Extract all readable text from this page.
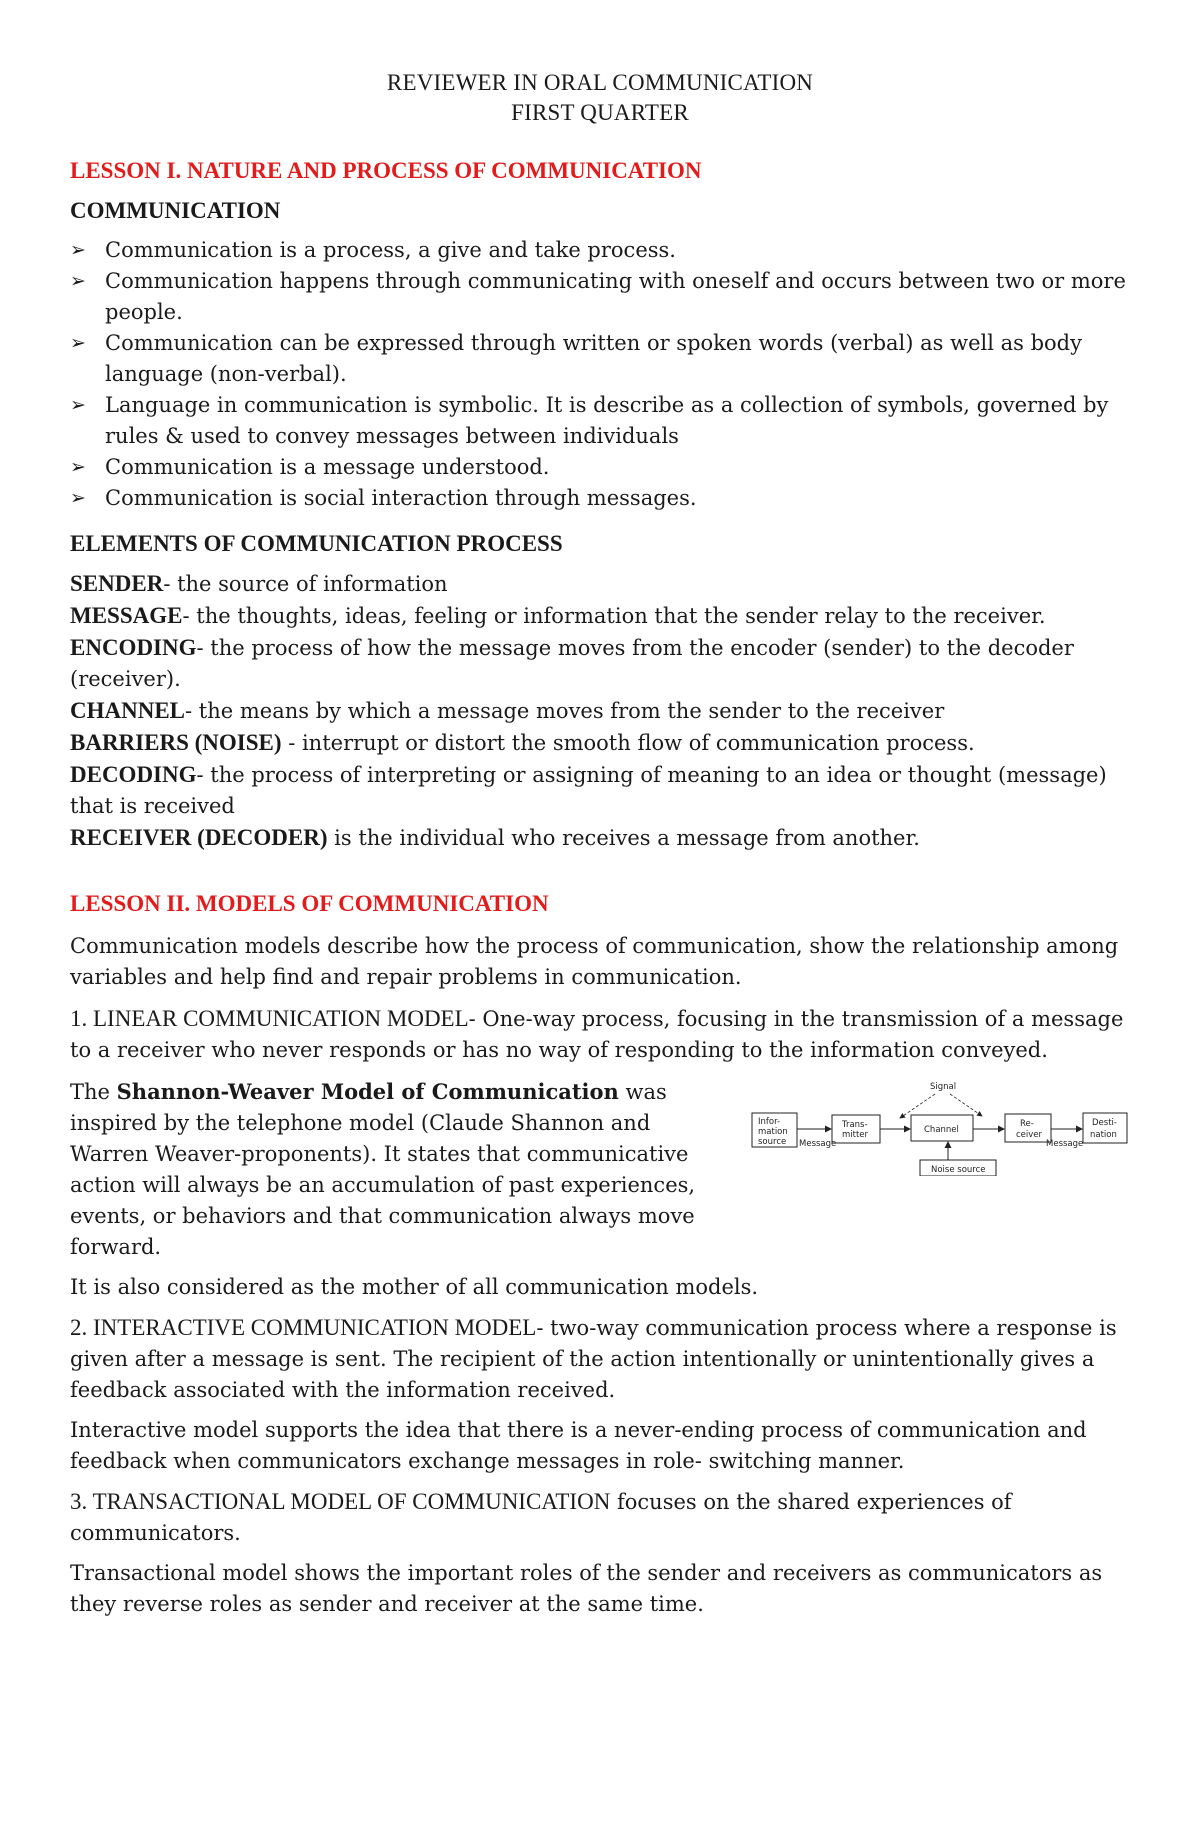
REVIEWER IN ORAL COMMUNICATION
FIRST QUARTER
LESSON I. NATURE AND PROCESS OF COMMUNICATION
COMMUNICATION
➢ Communication is a process, a give and take process.
➢ Communication happens through communicating with oneself and occurs between two or more people.
➢ Communication can be expressed through written or spoken words (verbal) as well as body language (non-verbal).
➢ Language in communication is symbolic. It is describe as a collection of symbols, governed by rules & used to convey messages between individuals
➢ Communication is a message understood.
➢ Communication is social interaction through messages.
ELEMENTS OF COMMUNICATION PROCESS

SENDER- the source of information

MESSAGE- the thoughts, ideas, feeling or information that the sender relay to the receiver.

ENCODING- the process of how the message moves from the encoder (sender) to the decoder (receiver).

CHANNEL- the means by which a message moves from the sender to the receiver

BARRIERS (NOISE) - interrupt or distort the smooth flow of communication process.

DECODING- the process of interpreting or assigning of meaning to an idea or thought (message) that is received

RECEIVER (DECODER) is the individual who receives a message from another.

LESSON II. MODELS OF COMMUNICATION

Communication models describe how the process of communication, show the relationship among variables and help find and repair problems in communication.

1. LINEAR COMMUNICATION MODEL- One-way process, focusing in the transmission of a message to a receiver who never responds or has no way of responding to the information conveyed.

The Shannon-Weaver Model of Communication was inspired by the telephone model (Claude Shannon and Warren Weaver-proponents). It states that communicative action will always be an accumulation of past experiences, events, or behaviors and that communication always move forward.

Infor-
mation
source
Trans-
mitter	Channel
Re-
ceiver
Desti-
nation
Noise source
Signal
Message	Message

It is also considered as the mother of all communication models.

2. INTERACTIVE COMMUNICATION MODEL- two-way communication process where a response is given after a message is sent. The recipient of the action intentionally or unintentionally gives a feedback associated with the information received.

Interactive model supports the idea that there is a never-ending process of communication and feedback when communicators exchange messages in role- switching manner.

3. TRANSACTIONAL MODEL OF COMMUNICATION focuses on the shared experiences of communicators.

Transactional model shows the important roles of the sender and receivers as communicators as they reverse roles as sender and receiver at the same time.
